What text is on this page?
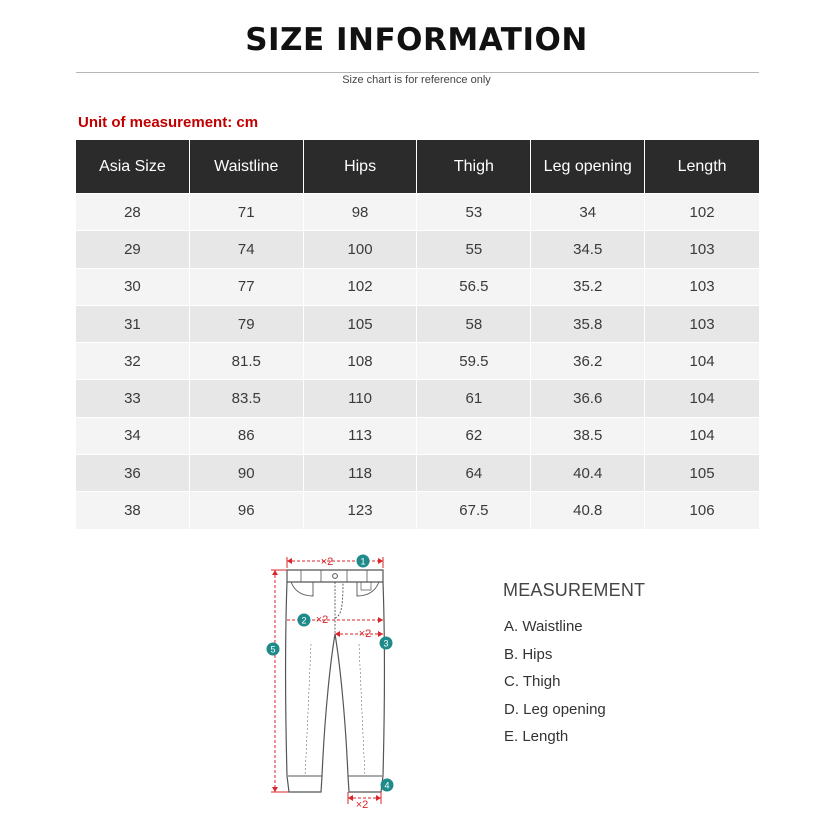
SIZE INFORMATION
Size chart is for reference only
Unit of measurement: cm
Asia Size	Waistline	Hips	Thigh	Leg opening	Length
28	71	98	53	34	102
29	74	100	55	34.5	103
30	77	102	56.5	35.2	103
31	79	105	58	35.8	103
32	81.5	108	59.5	36.2	104
33	83.5	110	61	36.6	104
34	86	113	62	38.5	104
36	90	118	64	40.4	105
38	96	123	67.5	40.8	106
×2	1
2 ×2
×2
3
5
×2
4
MEASUREMENT
A. Waistline
B. Hips
C. Thigh
D. Leg opening
E. Length
